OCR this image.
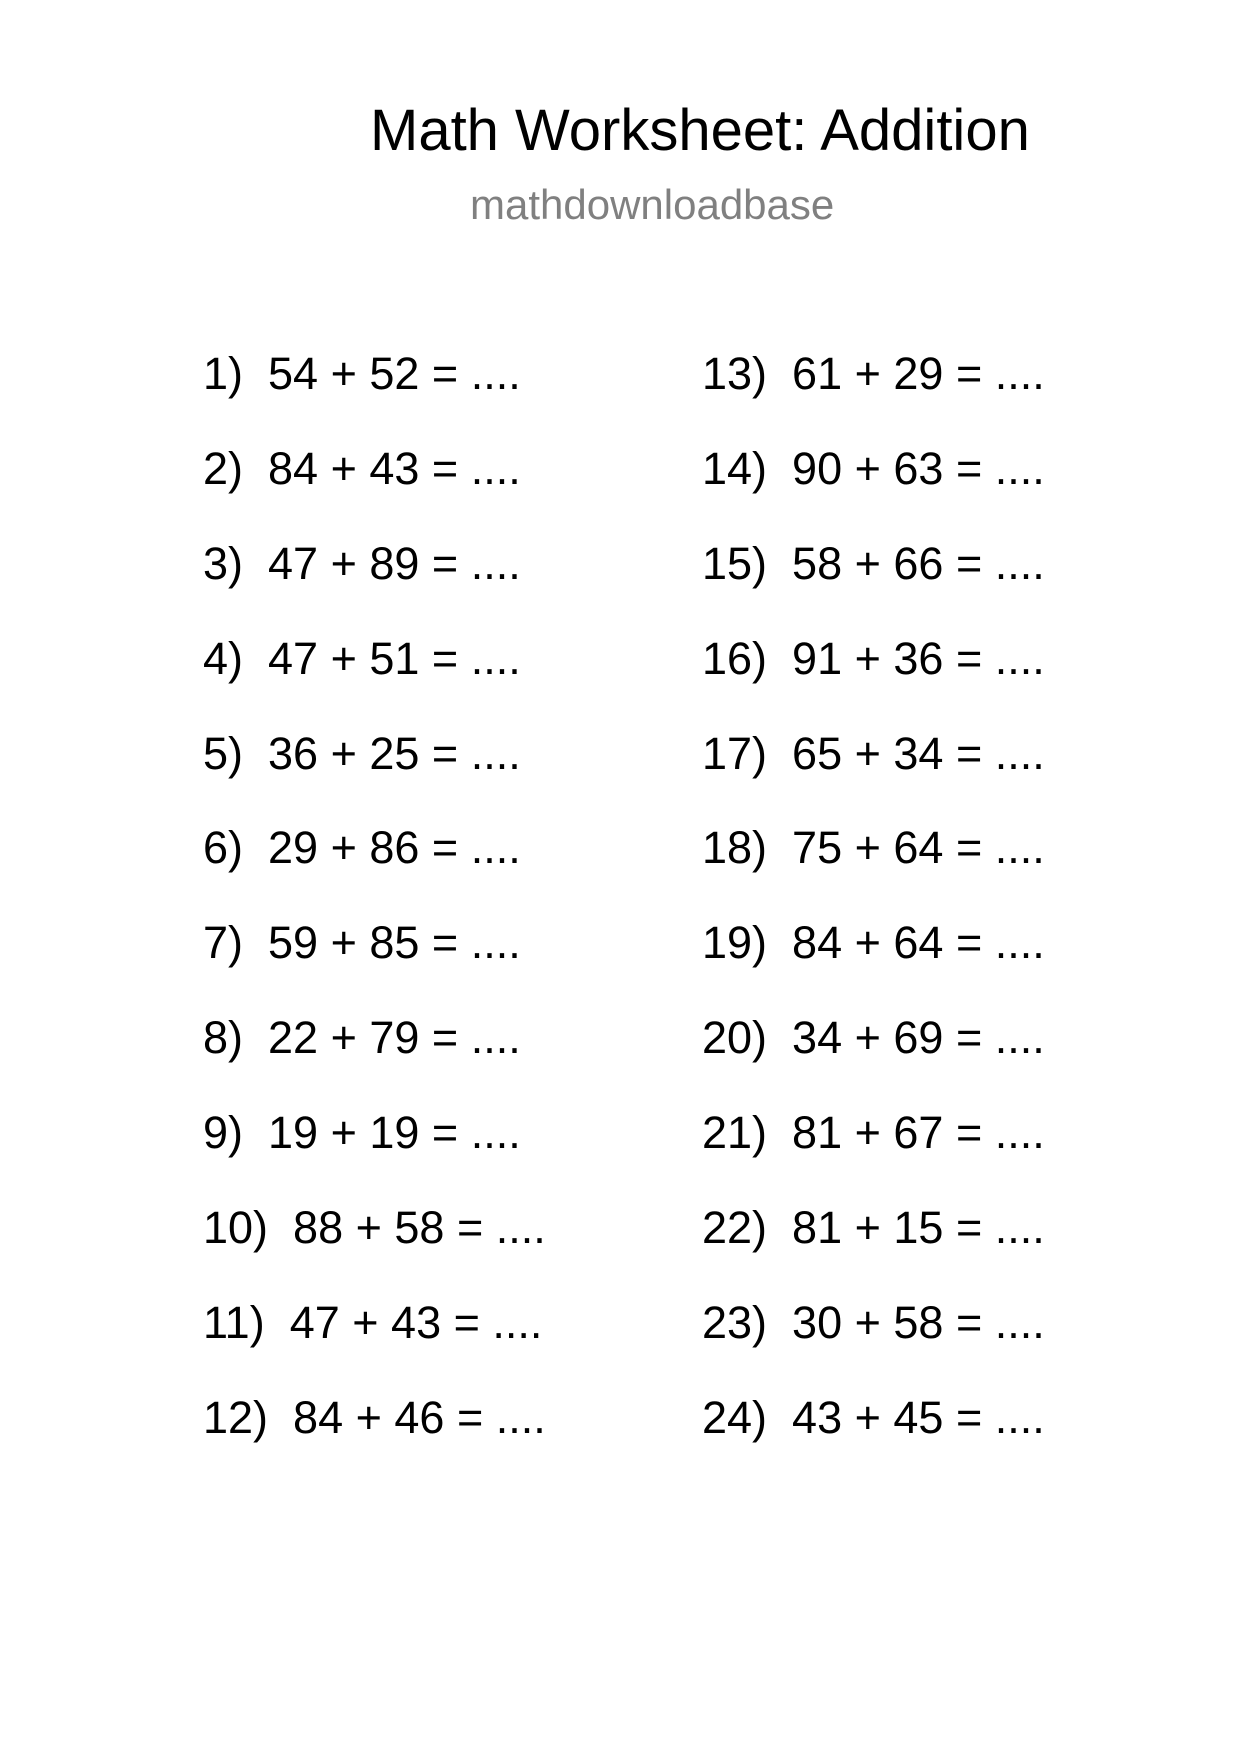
Math Worksheet: Addition
mathdownloadbase
1)  54 + 52 = ....
2)  84 + 43 = ....
3)  47 + 89 = ....
4)  47 + 51 = ....
5)  36 + 25 = ....
6)  29 + 86 = ....
7)  59 + 85 = ....
8)  22 + 79 = ....
9)  19 + 19 = ....
10)  88 + 58 = ....
11)  47 + 43 = ....
12)  84 + 46 = ....
13)  61 + 29 = ....
14)  90 + 63 = ....
15)  58 + 66 = ....
16)  91 + 36 = ....
17)  65 + 34 = ....
18)  75 + 64 = ....
19)  84 + 64 = ....
20)  34 + 69 = ....
21)  81 + 67 = ....
22)  81 + 15 = ....
23)  30 + 58 = ....
24)  43 + 45 = ....
